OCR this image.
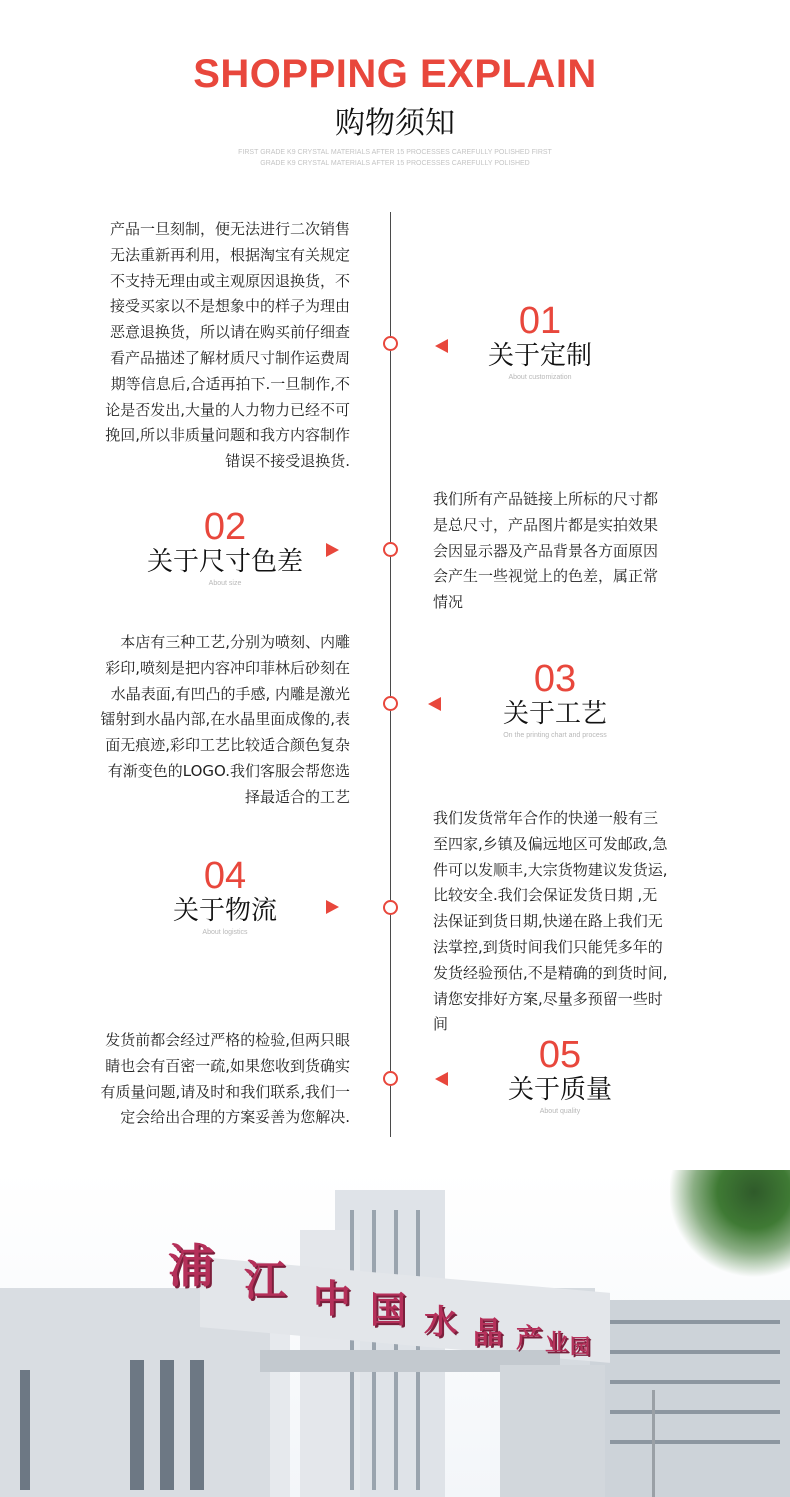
SHOPPING EXPLAIN
购物须知
FIRST GRADE K9 CRYSTAL MATERIALS AFTER 15 PROCESSES CAREFULLY POLISHED FIRST GRADE K9 CRYSTAL MATERIALS AFTER 15 PROCESSES CAREFULLY POLISHED
产品一旦刻制，便无法进行二次销售
无法重新再利用，根据淘宝有关规定
不支持无理由或主观原因退换货，不
接受买家以不是想象中的样子为理由
恶意退换货，所以请在购买前仔细查
看产品描述了解材质尺寸制作运费周
期等信息后,合适再拍下.一旦制作,不
论是否发出,大量的人力物力已经不可
挽回,所以非质量问题和我方内容制作
错误不接受退换货.
01
关于定制
About customization
02
关于尺寸色差
About size
我们所有产品链接上所标的尺寸都
是总尺寸，产品图片都是实拍效果
会因显示器及产品背景各方面原因
会产生一些视觉上的色差，属正常
情况
本店有三种工艺,分别为喷刻、内雕
彩印,喷刻是把内容冲印菲林后砂刻在
水晶表面,有凹凸的手感, 内雕是激光
镭射到水晶内部,在水晶里面成像的,表
面无痕迹,彩印工艺比较适合颜色复杂
有渐变色的LOGO.我们客服会帮您选
择最适合的工艺
03
关于工艺
On the printing chart and process
04
关于物流
About logistics
我们发货常年合作的快递一般有三
至四家,乡镇及偏远地区可发邮政,急
件可以发顺丰,大宗货物建议发货运,
比较安全.我们会保证发货日期 ,无
法保证到货日期,快递在路上我们无
法掌控,到货时间我们只能凭多年的
发货经验预估,不是精确的到货时间,
请您安排好方案,尽量多预留一些时
间
发货前都会经过严格的检验,但两只眼
睛也会有百密一疏,如果您收到货确实
有质量问题,请及时和我们联系,我们一
定会给出合理的方案妥善为您解决.
05
关于质量
About quality
浦 江 中 国 水 晶 产 业 园
